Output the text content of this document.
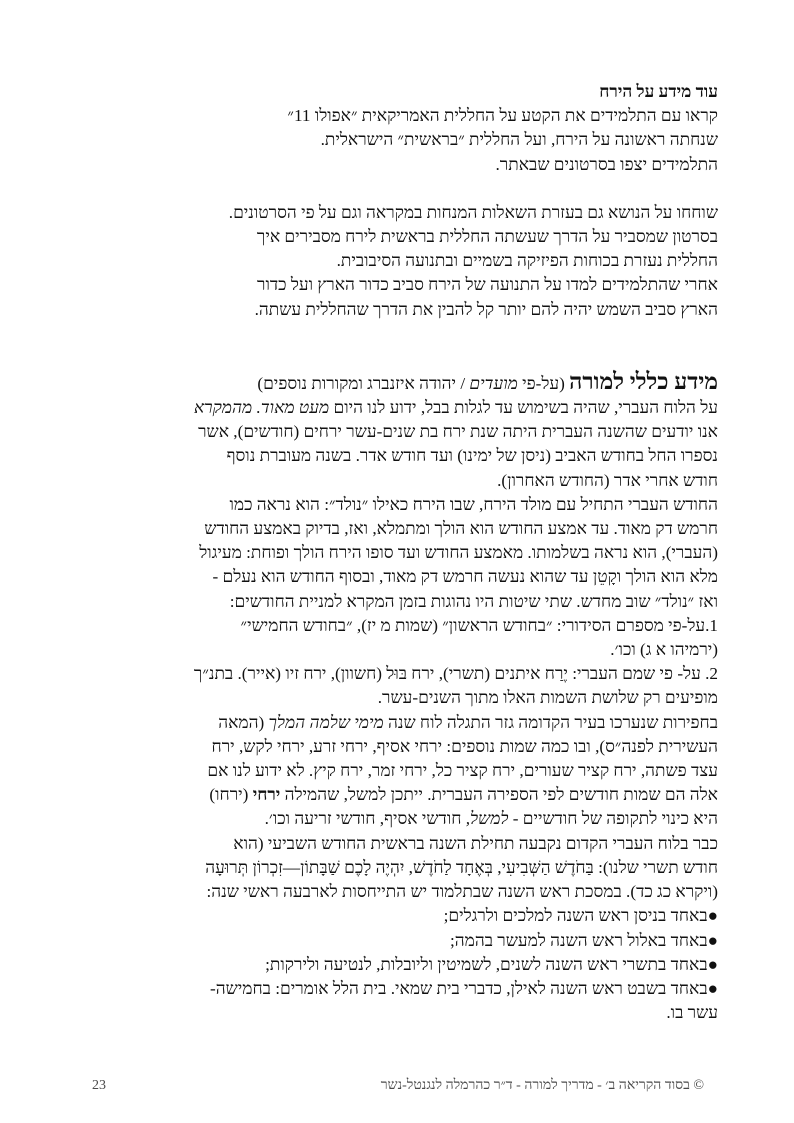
עוד מידע על הירח

קראו עם התלמידים את הקטע על החללית האמריקאית ״אפולו 11״

שנחתה ראשונה על הירח, ועל החללית ״בראשית״ הישראלית.

התלמידים יצפו בסרטונים שבאתר.

שוחחו על הנושא גם בעזרת השאלות המנחות במקראה וגם על פי הסרטונים.

בסרטון שמסביר על הדרך שעשתה החללית בראשית לירח מסבירים איך

החללית נעזרת בכוחות הפיזיקה בשמיים ובתנועה הסיבובית.

אחרי שהתלמידים למדו על התנועה של הירח סביב כדור הארץ ועל כדור

הארץ סביב השמש יהיה להם יותר קל להבין את הדרך שהחללית עשתה.

מידע כללי למורה (על-פי מועדים / יהודה איזנברג ומקורות נוספים)

על הלוח העברי, שהיה בשימוש עד לגלות בבל, ידוע לנו היום מעט מאוד. מהמקרא

אנו יודעים שהשנה העברית היתה שנת ירח בת שנים-עשר ירחים (חודשים), אשר

נספרו החל בחודש האביב (ניסן של ימינו) ועד חודש אדר. בשנה מעוברת נוסף

חודש אחרי אדר (החודש האחרון).

החודש העברי התחיל עם מולד הירח, שבו הירח כאילו ״נולד״: הוא נראה כמו

חרמש דק מאוד. עד אמצע החודש הוא הולך ומתמלא, ואז, בדיוק באמצע החודש

(העברי), הוא נראה בשלמותו. מאמצע החודש ועד סופו הירח הולך ופוחת: מעיגול

מלא הוא הולך וקָטֵן עד שהוא נעשה חרמש דק מאוד, ובסוף החודש הוא נעלם -

ואז ״נולד״ שוב מחדש. שתי שיטות היו נהוגות בזמן המקרא למניית החודשים:

1.על-פי מספרם הסידורי: ״בחודש הראשון״ (שמות מ יז), ״בחודש החמישי״

(ירמיהו א ג) וכו׳.

2. על- פי שמם העברי: יֶרַח איתנים (תשרי), ירח בּוּל (חשוון), ירח זיו (אייר). בתנ״ך

מופיעים רק שלושת השמות האלו מתוך השנים-עשר.

בחפירות שנערכו בעיר הקדומה גזר התגלה לוח שנה מימי שלמה המלך (המאה

העשירית לפנה״ס), ובו כמה שמות נוספים: ירחי אסיף, ירחי זרע, ירחי לקש, ירח

עצד פשתה, ירח קציר שעורים, ירח קציר כל, ירחי זמר, ירח קיץ. לא ידוע לנו אם

אלה הם שמות חודשים לפי הספירה העברית. ייתכן למשל, שהמילה ירחי (ירחו)

היא כינוי לתקופה של חודשיים - למשל, חודשי אסיף, חודשי זריעה וכו׳.

כבר בלוח העברי הקדום נקבעה תחילת השנה בראשית החודש השביעי (הוא

חודש תשרי שלנו): בַּחֹדֶשׁ הַשְּׁבִיעִי, בְּאֶחָד לַחֹדֶשׁ, יִהְיֶה לָכֶם שַׁבָּתוֹן—זִכְרוֹן תְּרוּעָה

(ויקרא כג כד). במסכת ראש השנה שבתלמוד יש התייחסות לארבעה ראשי שנה:

●באחד בניסן ראש השנה למלכים ולרגלים;

●באחד באלול ראש השנה למעשר בהמה;

●באחד בתשרי ראש השנה לשנים, לשמיטין וליובלות, לנטיעה ולירקות;

●באחד בשבט ראש השנה לאילן, כדברי בית שמאי. בית הלל אומרים: בחמישה-

עשר בו.

© בסוד הקריאה ב׳ - מדריך למורה - ד״ר כהרמלה לנגנטל-נשר
23
